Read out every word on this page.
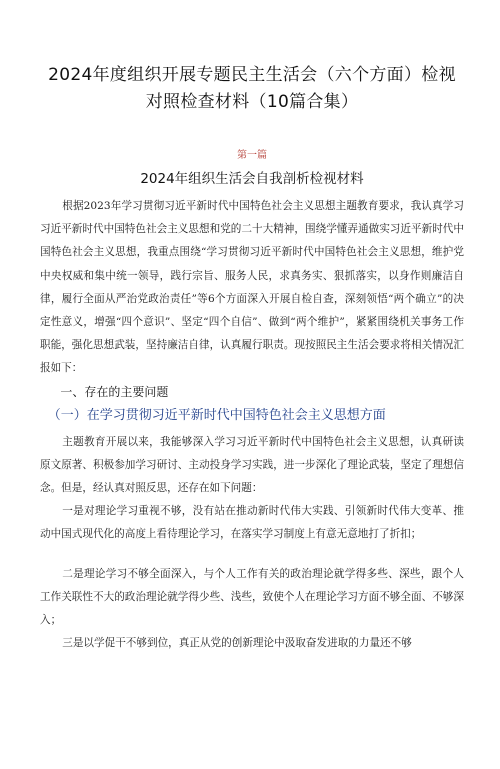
2024年度组织开展专题民主生活会（六个方面）检视对照检查材料（10篇合集）
第一篇
2024年组织生活会自我剖析检视材料

根据2023年学习贯彻习近平新时代中国特色社会主义思想主题教育要求，我认真学习习近平新时代中国特色社会主义思想和党的二十大精神，围绕学懂弄通做实习近平新时代中国特色社会主义思想，我重点围绕“学习贯彻习近平新时代中国特色社会主义思想，维护党中央权威和集中统一领导，践行宗旨、服务人民，求真务实、狠抓落实，以身作则廉洁自律，履行全面从严治党政治责任”等6个方面深入开展自检自查，深刻领悟“两个确立”的决定性意义，增强“四个意识”、坚定“四个自信”、做到“两个维护”，紧紧围绕机关事务工作职能，强化思想武装，坚持廉洁自律，认真履行职责。现按照民主生活会要求将相关情况汇报如下：

一、存在的主要问题

（一）在学习贯彻习近平新时代中国特色社会主义思想方面

主题教育开展以来，我能够深入学习习近平新时代中国特色社会主义思想，认真研读原文原著、积极参加学习研讨、主动投身学习实践，进一步深化了理论武装，坚定了理想信念。但是，经认真对照反思，还存在如下问题：

一是对理论学习重视不够，没有站在推动新时代伟大实践、引领新时代伟大变革、推动中国式现代化的高度上看待理论学习，在落实学习制度上有意无意地打了折扣；

二是理论学习不够全面深入，与个人工作有关的政治理论就学得多些、深些，跟个人工作关联性不大的政治理论就学得少些、浅些，致使个人在理论学习方面不够全面、不够深入；

三是以学促干不够到位，真正从党的创新理论中汲取奋发进取的力量还不够
